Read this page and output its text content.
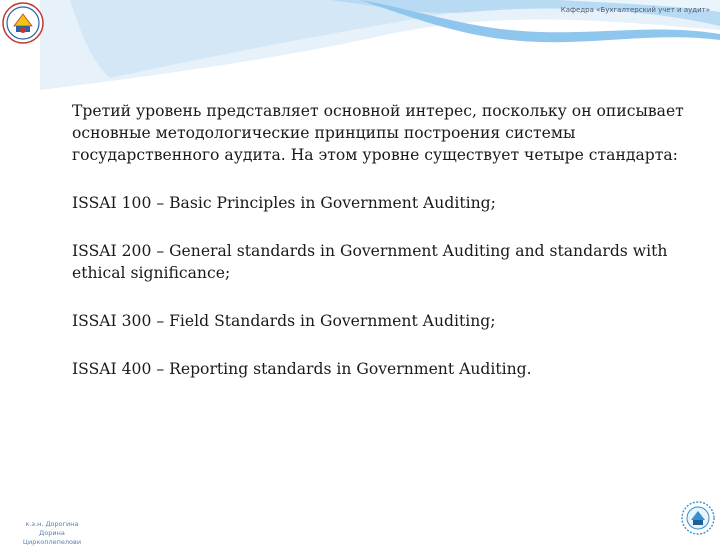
Кафедра «Бухгалтерский учет и аудит»

Третий уровень представляет основной интерес, поскольку он описывает основные методологические принципы построения системы государственного аудита. На этом уровне существует четыре стандарта:

ISSAI 100 – Basic Principles in Government Auditing;

ISSAI 200 – General standards in Government Auditing and standards with ethical significance;

ISSAI 300 – Field Standards in Government Auditing;

ISSAI 400 – Reporting standards in Government Auditing.

к.э.н. Дорогина Дорина
Циркоплепелови
